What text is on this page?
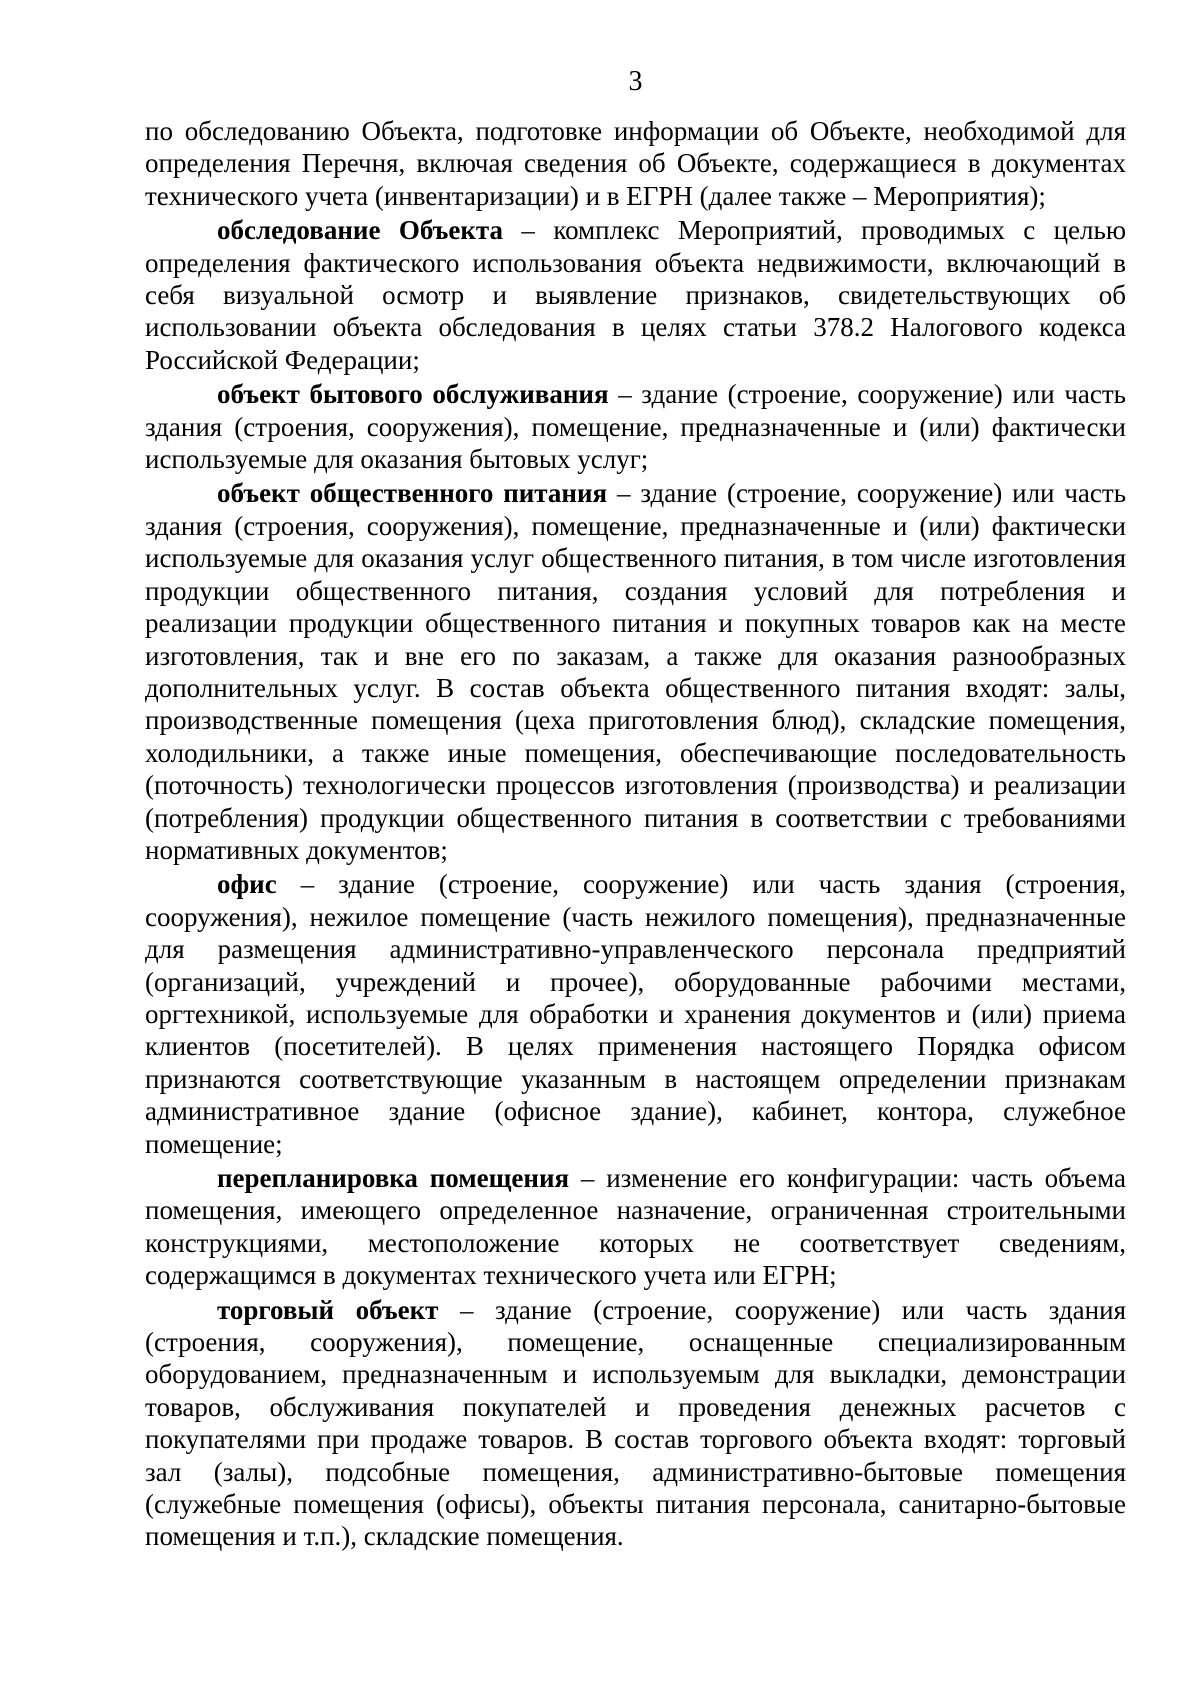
3

по обследованию Объекта, подготовке информации об Объекте, необходимой для определения Перечня, включая сведения об Объекте, содержащиеся в документах технического учета (инвентаризации) и в ЕГРН (далее также – Мероприятия);

обследование Объекта – комплекс Мероприятий, проводимых с целью определения фактического использования объекта недвижимости, включающий в себя визуальной осмотр и выявление признаков, свидетельствующих об использовании объекта обследования в целях статьи 378.2 Налогового кодекса Российской Федерации;

объект бытового обслуживания – здание (строение, сооружение) или часть здания (строения, сооружения), помещение, предназначенные и (или) фактически используемые для оказания бытовых услуг;

объект общественного питания – здание (строение, сооружение) или часть здания (строения, сооружения), помещение, предназначенные и (или) фактически используемые для оказания услуг общественного питания, в том числе изготовления продукции общественного питания, создания условий для потребления и реализации продукции общественного питания и покупных товаров как на месте изготовления, так и вне его по заказам, а также для оказания разнообразных дополнительных услуг. В состав объекта общественного питания входят: залы, производственные помещения (цеха приготовления блюд), складские помещения, холодильники, а также иные помещения, обеспечивающие последовательность (поточность) технологически процессов изготовления (производства) и реализации (потребления) продукции общественного питания в соответствии с требованиями нормативных документов;

офис – здание (строение, сооружение) или часть здания (строения, сооружения), нежилое помещение (часть нежилого помещения), предназначенные для размещения административно-управленческого персонала предприятий (организаций, учреждений и прочее), оборудованные рабочими местами, оргтехникой, используемые для обработки и хранения документов и (или) приема клиентов (посетителей). В целях применения настоящего Порядка офисом признаются соответствующие указанным в настоящем определении признакам административное здание (офисное здание), кабинет, контора, служебное помещение;

перепланировка помещения – изменение его конфигурации: часть объема помещения, имеющего определенное назначение, ограниченная строительными конструкциями, местоположение которых не соответствует сведениям, содержащимся в документах технического учета или ЕГРН;

торговый объект – здание (строение, сооружение) или часть здания (строения, сооружения), помещение, оснащенные специализированным оборудованием, предназначенным и используемым для выкладки, демонстрации товаров, обслуживания покупателей и проведения денежных расчетов с покупателями при продаже товаров. В состав торгового объекта входят: торговый зал (залы), подсобные помещения, административно-бытовые помещения (служебные помещения (офисы), объекты питания персонала, санитарно-бытовые помещения и т.п.), складские помещения.
